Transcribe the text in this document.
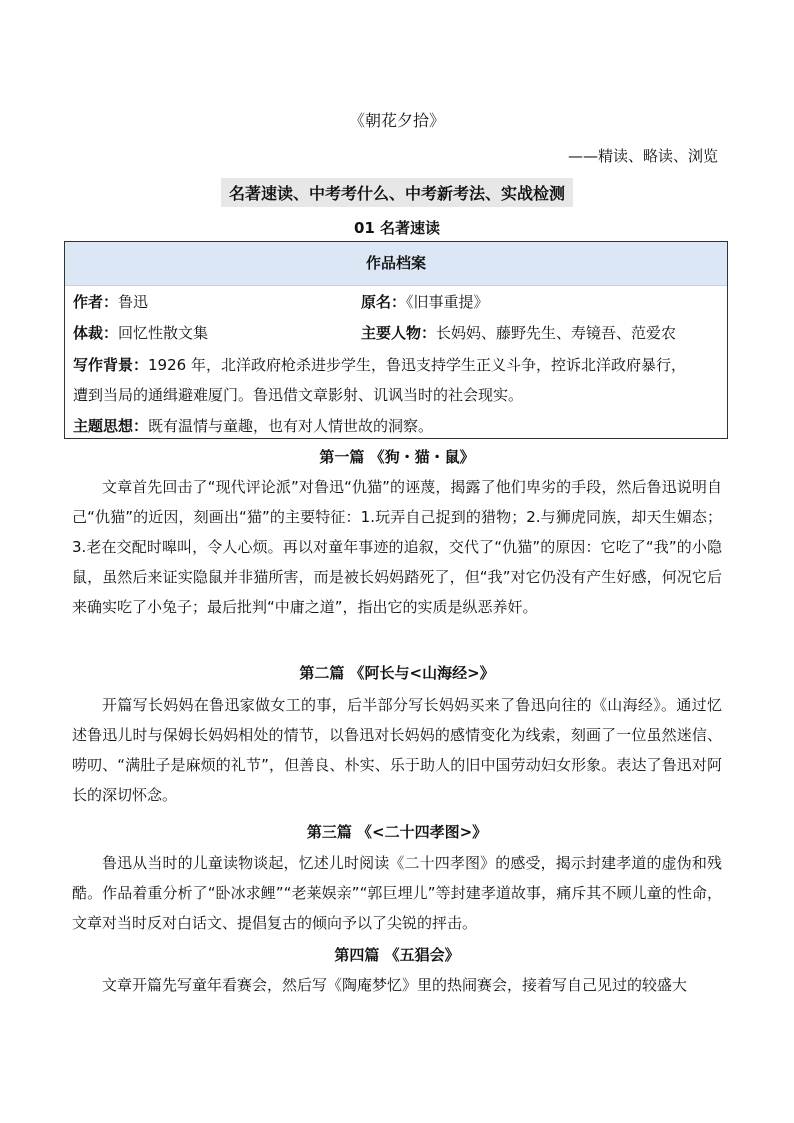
《朝花夕拾》
——精读、略读、浏览
名著速读、中考考什么、中考新考法、实战检测
01 名著速读
作品档案
作者：鲁迅	原名：《旧事重提》
体裁：回忆性散文集	主要人物：长妈妈、藤野先生、寿镜吾、范爱农
写作背景：1926 年，北洋政府枪杀进步学生，鲁迅支持学生正义斗争，控诉北洋政府暴行，
遭到当局的通缉避难厦门。鲁迅借文章影射、讥讽当时的社会现实。
主题思想：既有温情与童趣，也有对人情世故的洞察。
第一篇 《狗・猫・鼠》
文章首先回击了“现代评论派”对鲁迅“仇猫”的诬蔑，揭露了他们卑劣的手段，然后鲁迅说明自己“仇猫”的近因，刻画出“猫”的主要特征：1.玩弄自己捉到的猎物；2.与狮虎同族，却天生媚态；3.老在交配时嗥叫，令人心烦。再以对童年事迹的追叙，交代了“仇猫”的原因：它吃了“我”的小隐鼠，虽然后来证实隐鼠并非猫所害，而是被长妈妈踏死了，但“我”对它仍没有产生好感，何况它后来确实吃了小兔子；最后批判“中庸之道”，指出它的实质是纵恶养奸。
第二篇 《阿长与<山海经>》
开篇写长妈妈在鲁迅家做女工的事，后半部分写长妈妈买来了鲁迅向往的《山海经》。通过忆述鲁迅儿时与保姆长妈妈相处的情节，以鲁迅对长妈妈的感情变化为线索，刻画了一位虽然迷信、唠叨、“满肚子是麻烦的礼节”，但善良、朴实、乐于助人的旧中国劳动妇女形象。表达了鲁迅对阿长的深切怀念。
第三篇 《<二十四孝图>》
鲁迅从当时的儿童读物谈起，忆述儿时阅读《二十四孝图》的感受，揭示封建孝道的虚伪和残酷。作品着重分析了“卧冰求鲤”“老莱娱亲”“郭巨埋儿”等封建孝道故事，痛斥其不顾儿童的性命，文章对当时反对白话文、提倡复古的倾向予以了尖锐的抨击。
第四篇 《五猖会》
文章开篇先写童年看赛会，然后写《陶庵梦忆》里的热闹赛会，接着写自己见过的较盛大
